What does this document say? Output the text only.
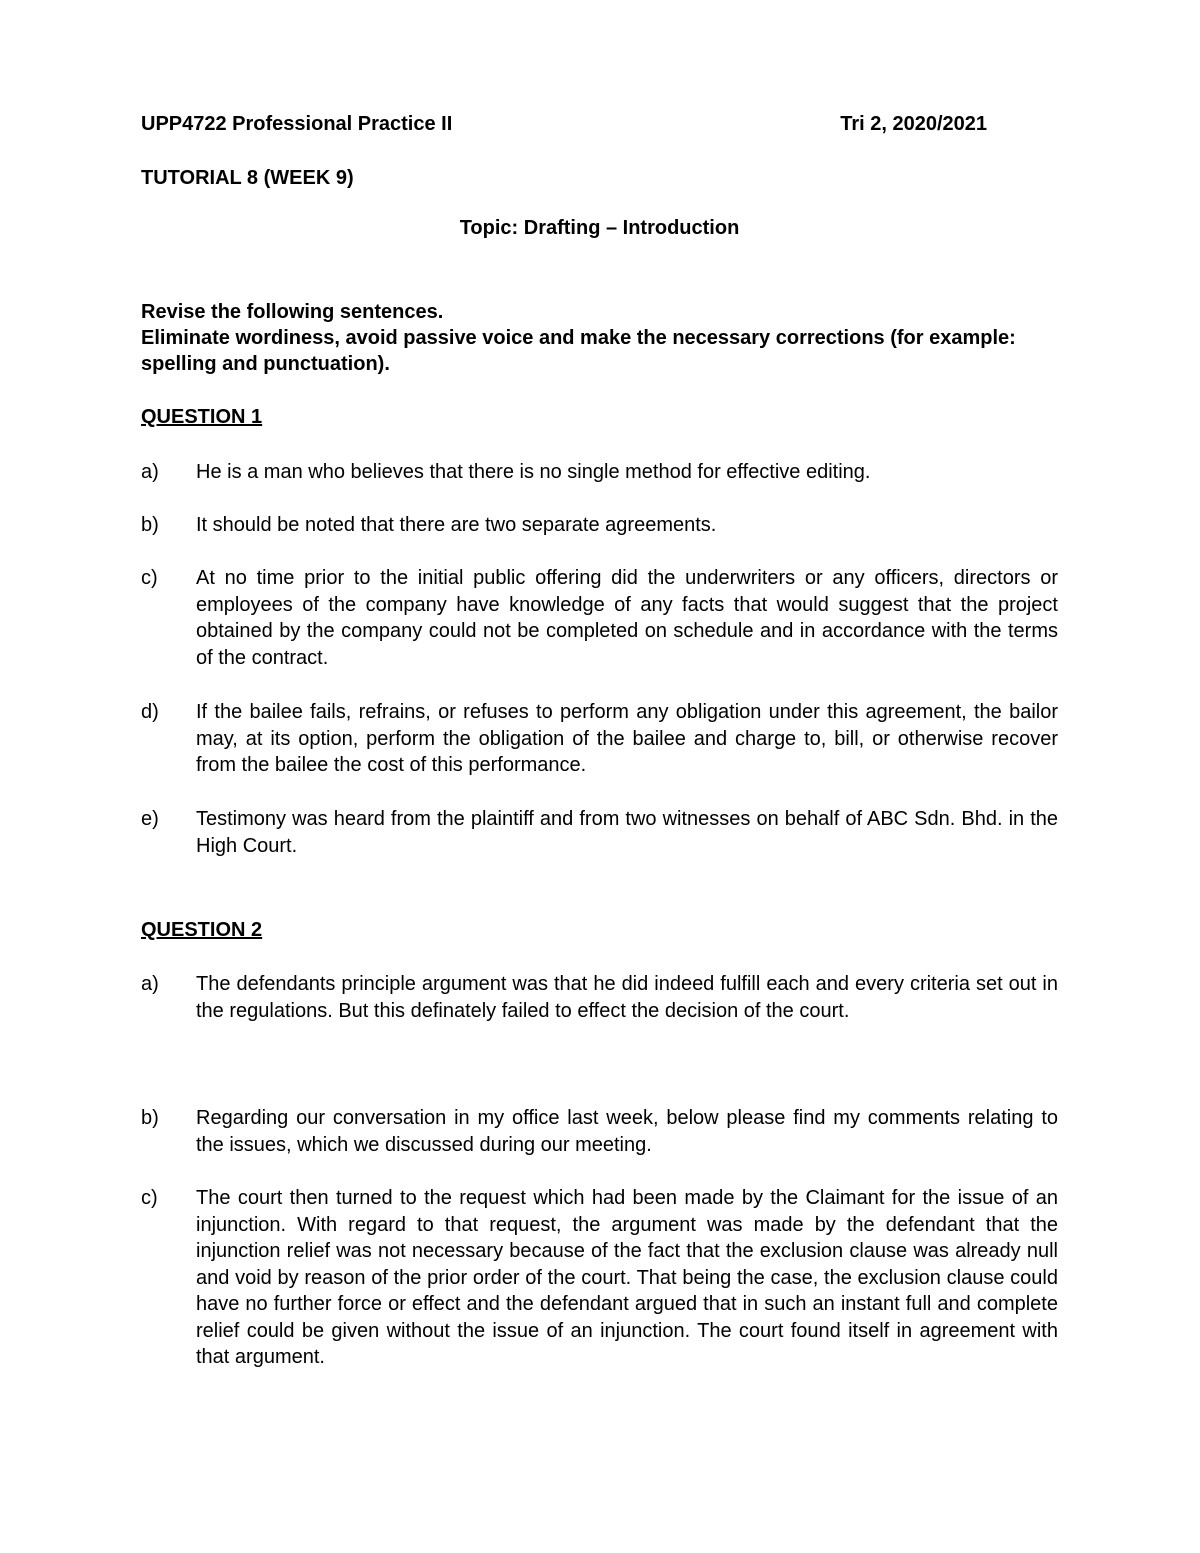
UPP4722 Professional Practice II	Tri 2, 2020/2021
TUTORIAL 8 (WEEK 9)
Topic: Drafting – Introduction

Revise the following sentences.

Eliminate wordiness, avoid passive voice and make the necessary corrections (for example: spelling and punctuation).

QUESTION 1
a)	He is a man who believes that there is no single method for effective editing.
b)	It should be noted that there are two separate agreements.
c)	At no time prior to the initial public offering did the underwriters or any officers, directors or employees of the company have knowledge of any facts that would suggest that the project obtained by the company could not be completed on schedule and in accordance with the terms of the contract.
d)	If the bailee fails, refrains, or refuses to perform any obligation under this agreement, the bailor may, at its option, perform the obligation of the bailee and charge to, bill, or otherwise recover from the bailee the cost of this performance.
e)	Testimony was heard from the plaintiff and from two witnesses on behalf of ABC Sdn. Bhd. in the High Court.
QUESTION 2
a)	The defendants principle argument was that he did indeed fulfill each and every criteria set out in the regulations. But this definately failed to effect the decision of the court.
b)	Regarding our conversation in my office last week, below please find my comments relating to the issues, which we discussed during our meeting.
c)	The court then turned to the request which had been made by the Claimant for the issue of an injunction. With regard to that request, the argument was made by the defendant that the injunction relief was not necessary because of the fact that the exclusion clause was already null and void by reason of the prior order of the court. That being the case, the exclusion clause could have no further force or effect and the defendant argued that in such an instant full and complete relief could be given without the issue of an injunction. The court found itself in agreement with that argument.
